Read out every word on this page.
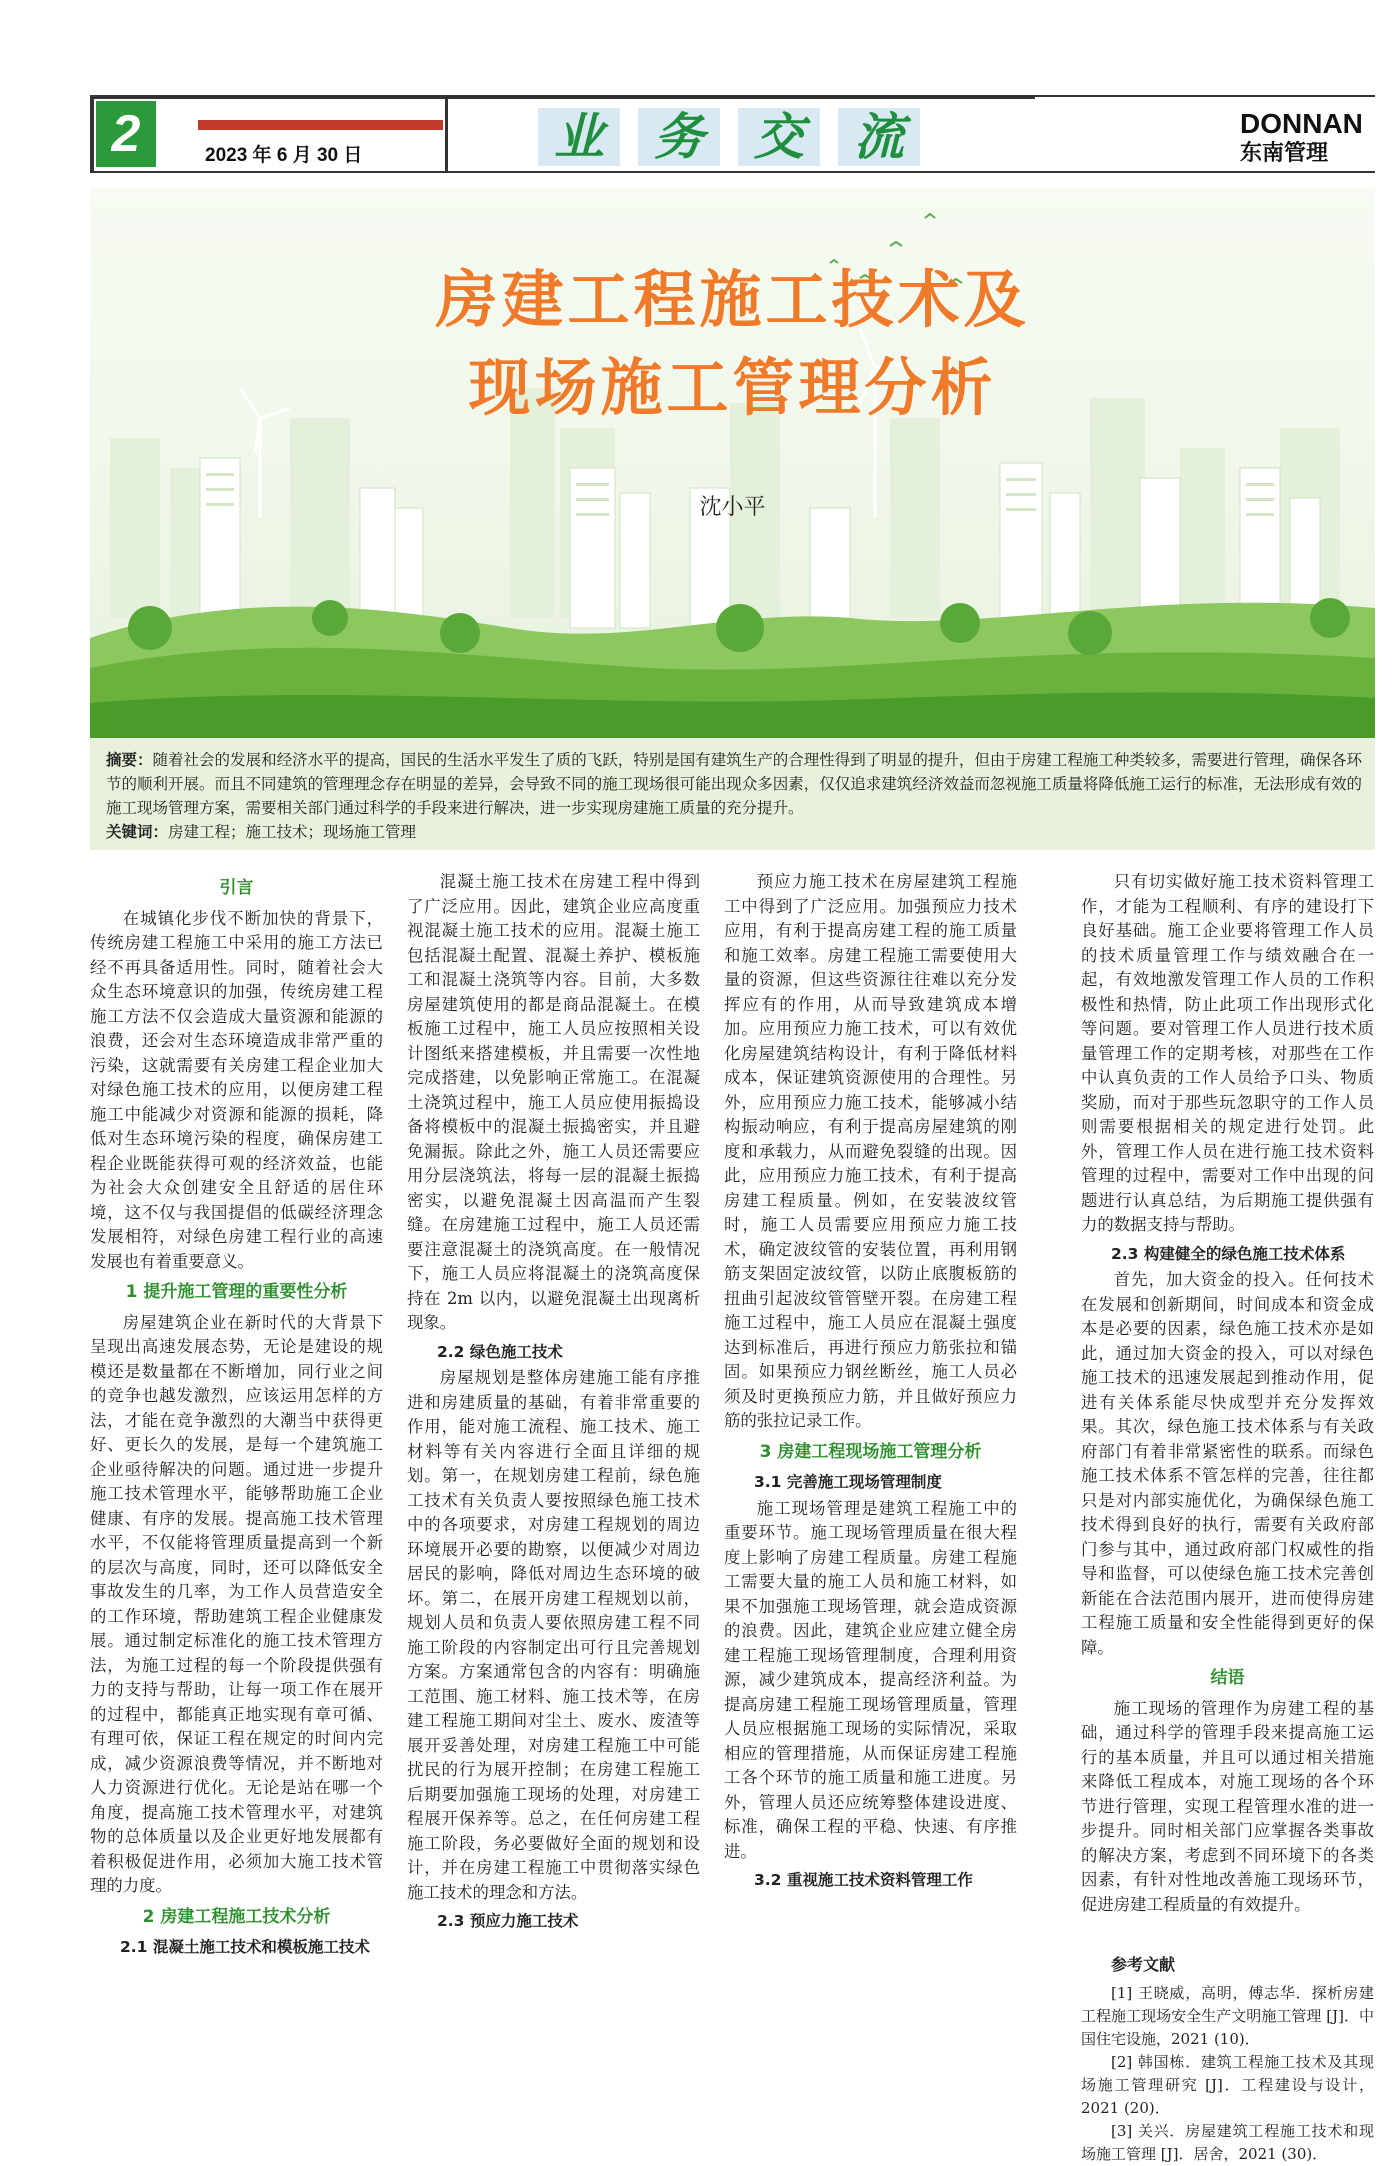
2	2023 年 6 月 30 日	业	务	交	流	DONNAN
东南管理
房建工程施工技术及
现场施工管理分析
沈小平
摘要：随着社会的发展和经济水平的提高，国民的生活水平发生了质的飞跃，特别是国有建筑生产的合理性得到了明显的提升，但由于房建工程施工种类较多，需要进行管理，确保各环节的顺利开展。而且不同建筑的管理理念存在明显的差异，会导致不同的施工现场很可能出现众多因素，仅仅追求建筑经济效益而忽视施工质量将降低施工运行的标准，无法形成有效的施工现场管理方案，需要相关部门通过科学的手段来进行解决，进一步实现房建施工质量的充分提升。
关键词：房建工程；施工技术；现场施工管理
引言

在城镇化步伐不断加快的背景下，传统房建工程施工中采用的施工方法已经不再具备适用性。同时，随着社会大众生态环境意识的加强，传统房建工程施工方法不仅会造成大量资源和能源的浪费，还会对生态环境造成非常严重的污染，这就需要有关房建工程企业加大对绿色施工技术的应用，以便房建工程施工中能减少对资源和能源的损耗，降低对生态环境污染的程度，确保房建工程企业既能获得可观的经济效益，也能为社会大众创建安全且舒适的居住环境，这不仅与我国提倡的低碳经济理念发展相符，对绿色房建工程行业的高速发展也有着重要意义。

1 提升施工管理的重要性分析

房屋建筑企业在新时代的大背景下呈现出高速发展态势，无论是建设的规模还是数量都在不断增加，同行业之间的竞争也越发激烈，应该运用怎样的方法，才能在竞争激烈的大潮当中获得更好、更长久的发展，是每一个建筑施工企业亟待解决的问题。通过进一步提升施工技术管理水平，能够帮助施工企业健康、有序的发展。提高施工技术管理水平，不仅能将管理质量提高到一个新的层次与高度，同时，还可以降低安全事故发生的几率，为工作人员营造安全的工作环境，帮助建筑工程企业健康发展。通过制定标准化的施工技术管理方法，为施工过程的每一个阶段提供强有力的支持与帮助，让每一项工作在展开的过程中，都能真正地实现有章可循、有理可依，保证工程在规定的时间内完成，减少资源浪费等情况，并不断地对人力资源进行优化。无论是站在哪一个角度，提高施工技术管理水平，对建筑物的总体质量以及企业更好地发展都有着积极促进作用，必须加大施工技术管理的力度。

2 房建工程施工技术分析
2.1 混凝土施工技术和模板施工技术

混凝土施工技术在房建工程中得到了广泛应用。因此，建筑企业应高度重视混凝土施工技术的应用。混凝土施工包括混凝土配置、混凝土养护、模板施工和混凝土浇筑等内容。目前，大多数房屋建筑使用的都是商品混凝土。在模板施工过程中，施工人员应按照相关设计图纸来搭建模板，并且需要一次性地完成搭建，以免影响正常施工。在混凝土浇筑过程中，施工人员应使用振捣设备将模板中的混凝土振捣密实，并且避免漏振。除此之外，施工人员还需要应用分层浇筑法，将每一层的混凝土振捣密实，以避免混凝土因高温而产生裂缝。在房建施工过程中，施工人员还需要注意混凝土的浇筑高度。在一般情况下，施工人员应将混凝土的浇筑高度保持在 2m 以内，以避免混凝土出现离析现象。

2.2 绿色施工技术

房屋规划是整体房建施工能有序推进和房建质量的基础，有着非常重要的作用，能对施工流程、施工技术、施工材料等有关内容进行全面且详细的规划。第一，在规划房建工程前，绿色施工技术有关负责人要按照绿色施工技术中的各项要求，对房建工程规划的周边环境展开必要的勘察，以便减少对周边居民的影响，降低对周边生态环境的破坏。第二，在展开房建工程规划以前，规划人员和负责人要依照房建工程不同施工阶段的内容制定出可行且完善规划方案。方案通常包含的内容有：明确施工范围、施工材料、施工技术等，在房建工程施工期间对尘土、废水、废渣等展开妥善处理，对房建工程施工中可能扰民的行为展开控制；在房建工程施工后期要加强施工现场的处理，对房建工程展开保养等。总之，在任何房建工程施工阶段，务必要做好全面的规划和设计，并在房建工程施工中贯彻落实绿色施工技术的理念和方法。

2.3 预应力施工技术

预应力施工技术在房屋建筑工程施工中得到了广泛应用。加强预应力技术应用，有利于提高房建工程的施工质量和施工效率。房建工程施工需要使用大量的资源，但这些资源往往难以充分发挥应有的作用，从而导致建筑成本增加。应用预应力施工技术，可以有效优化房屋建筑结构设计，有利于降低材料成本，保证建筑资源使用的合理性。另外，应用预应力施工技术，能够减小结构振动响应，有利于提高房屋建筑的刚度和承载力，从而避免裂缝的出现。因此，应用预应力施工技术，有利于提高房建工程质量。例如，在安装波纹管时，施工人员需要应用预应力施工技术，确定波纹管的安装位置，再利用钢筋支架固定波纹管，以防止底腹板筋的扭曲引起波纹管管壁开裂。在房建工程施工过程中，施工人员应在混凝土强度达到标准后，再进行预应力筋张拉和锚固。如果预应力钢丝断丝，施工人员必须及时更换预应力筋，并且做好预应力筋的张拉记录工作。

3 房建工程现场施工管理分析
3.1 完善施工现场管理制度

施工现场管理是建筑工程施工中的重要环节。施工现场管理质量在很大程度上影响了房建工程质量。房建工程施工需要大量的施工人员和施工材料，如果不加强施工现场管理，就会造成资源的浪费。因此，建筑企业应建立健全房建工程施工现场管理制度，合理利用资源，减少建筑成本，提高经济利益。为提高房建工程施工现场管理质量，管理人员应根据施工现场的实际情况，采取相应的管理措施，从而保证房建工程施工各个环节的施工质量和施工进度。另外，管理人员还应统筹整体建设进度、标准，确保工程的平稳、快速、有序推进。

3.2 重视施工技术资料管理工作

只有切实做好施工技术资料管理工作，才能为工程顺利、有序的建设打下良好基础。施工企业要将管理工作人员的技术质量管理工作与绩效融合在一起，有效地激发管理工作人员的工作积极性和热情，防止此项工作出现形式化等问题。要对管理工作人员进行技术质量管理工作的定期考核，对那些在工作中认真负责的工作人员给予口头、物质奖励，而对于那些玩忽职守的工作人员则需要根据相关的规定进行处罚。此外，管理工作人员在进行施工技术资料管理的过程中，需要对工作中出现的问题进行认真总结，为后期施工提供强有力的数据支持与帮助。

2.3 构建健全的绿色施工技术体系

首先，加大资金的投入。任何技术在发展和创新期间，时间成本和资金成本是必要的因素，绿色施工技术亦是如此，通过加大资金的投入，可以对绿色施工技术的迅速发展起到推动作用，促进有关体系能尽快成型并充分发挥效果。其次，绿色施工技术体系与有关政府部门有着非常紧密性的联系。而绿色施工技术体系不管怎样的完善，往往都只是对内部实施优化，为确保绿色施工技术得到良好的执行，需要有关政府部门参与其中，通过政府部门权威性的指导和监督，可以使绿色施工技术完善创新能在合法范围内展开，进而使得房建工程施工质量和安全性能得到更好的保障。

结语

施工现场的管理作为房建工程的基础，通过科学的管理手段来提高施工运行的基本质量，并且可以通过相关措施来降低工程成本，对施工现场的各个环节进行管理，实现工程管理水准的进一步提升。同时相关部门应掌握各类事故的解决方案，考虑到不同环境下的各类因素，有针对性地改善施工现场环节，促进房建工程质量的有效提升。

参考文献

[1] 王晓威，高明，傅志华．探析房建工程施工现场安全生产文明施工管理 [J]．中国住宅设施，2021 (10)．

[2] 韩国栋．建筑工程施工技术及其现场施工管理研究 [J]．工程建设与设计，2021 (20)．

[3] 关兴．房屋建筑工程施工技术和现场施工管理 [J]．居舍，2021 (30)．
